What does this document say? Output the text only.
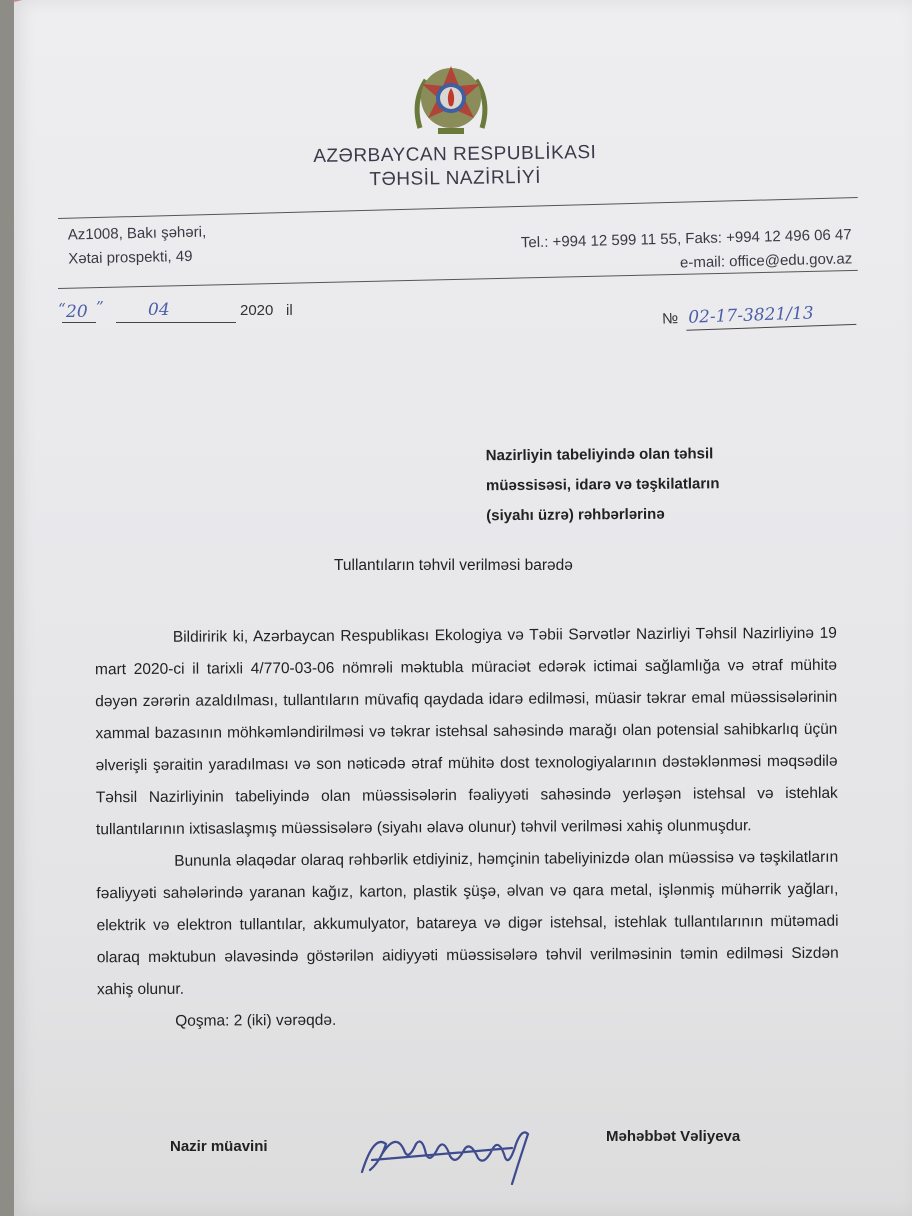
AZƏRBAYCAN RESPUBLİKASI
TƏHSİL NAZİRLİYİ
Az1008, Bakı şəhəri,
Xətai prospekti, 49
Tel.: +994 12 599 11 55, Faks: +994 12 496 06 47
e-mail: office@edu.gov.az
“ 20 ”	04	2020 il	№ 02-17-3821/13
Nazirliyin tabeliyində olan təhsil
müəssisəsi, idarə və təşkilatların
(siyahı üzrə) rəhbərlərinə
Tullantıların təhvil verilməsi barədə

Bildiririk ki, Azərbaycan Respublikası Ekologiya və Təbii Sərvətlər Nazirliyi Təhsil Nazirliyinə 19 mart 2020-ci il tarixli 4/770-03-06 nömrəli məktubla müraciət edərək ictimai sağlamlığa və ətraf mühitə dəyən zərərin azaldılması, tullantıların müvafiq qaydada idarə edilməsi, müasir təkrar emal müəssisələrinin xammal bazasının möhkəmləndirilməsi və təkrar istehsal sahəsində marağı olan potensial sahibkarlıq üçün əlverişli şəraitin yaradılması və son nəticədə ətraf mühitə dost texnologiyalarının dəstəklənməsi məqsədilə Təhsil Nazirliyinin tabeliyində olan müəssisələrin fəaliyyəti sahəsində yerləşən istehsal və istehlak tullantılarının ixtisaslaşmış müəssisələrə (siyahı əlavə olunur) təhvil verilməsi xahiş olunmuşdur.

Bununla əlaqədar olaraq rəhbərlik etdiyiniz, həmçinin tabeliyinizdə olan müəssisə və təşkilatların fəaliyyəti sahələrində yaranan kağız, karton, plastik şüşə, əlvan və qara metal, işlənmiş mühərrik yağları, elektrik və elektron tullantılar, akkumulyator, batareya və digər istehsal, istehlak tullantılarının mütəmadi olaraq məktubun əlavəsində göstərilən aidiyyəti müəssisələrə təhvil verilməsinin təmin edilməsi Sizdən xahiş olunur.

Qoşma: 2 (iki) vərəqdə.

Nazir müavini
Məhəbbət Vəliyeva
